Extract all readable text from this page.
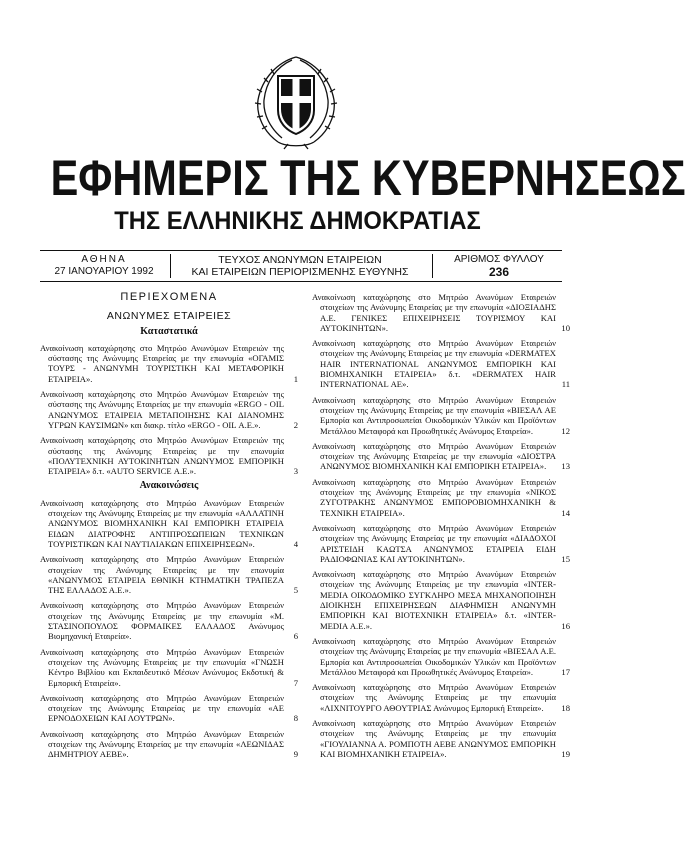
ΕΦΗΜΕΡΙΣ ΤΗΣ ΚΥΒΕΡΝΗΣΕΩΣ
ΤΗΣ ΕΛΛΗΝΙΚΗΣ ΔΗΜΟΚΡΑΤΙΑΣ
ΑΘΗΝΑ
27 ΙΑΝΟΥΑΡΙΟΥ 1992
ΤΕΥΧΟΣ ΑΝΩΝΥΜΩΝ ΕΤΑΙΡΕΙΩΝ
ΚΑΙ ΕΤΑΙΡΕΙΩΝ ΠΕΡΙΟΡΙΣΜΕΝΗΣ ΕΥΘΥΝΗΣ
ΑΡΙΘΜΟΣ ΦΥΛΛΟΥ
236
ΠΕΡΙΕΧΟΜΕΝΑ
ΑΝΩΝΥΜΕΣ ΕΤΑΙΡΕΙΕΣ
Καταστατικά
Ανακοίνωση καταχώρησης στο Μητρώο Ανωνύμων Εταιρειών της σύστασης της Ανώνυμης Εταιρείας με την επωνυμία «ΟΓΑΜΙΣ ΤΟΥΡΣ - ΑΝΩΝΥΜΗ ΤΟΥΡΙΣΤΙΚΗ ΚΑΙ ΜΕΤΑΦΟΡΙΚΗ ΕΤΑΙΡΕΙΑ».	1
Ανακοίνωση καταχώρησης στο Μητρώο Ανωνύμων Εταιρειών της σύστασης της Ανώνυμης Εταιρείας με την επωνυμία «ERGO - OIL ΑΝΩΝΥΜΟΣ ΕΤΑΙΡΕΙΑ ΜΕΤΑΠΟΙΗΣΗΣ ΚΑΙ ΔΙΑΝΟΜΗΣ ΥΓΡΩΝ ΚΑΥΣΙΜΩΝ» και διακρ. τίτλο «ERGO - OIL Α.Ε.».	2
Ανακοίνωση καταχώρησης στο Μητρώο Ανωνύμων Εταιρειών της σύστασης της Ανώνυμης Εταιρείας με την επωνυμία «ΠΟΛΥΤΕΧΝΙΚΗ ΑΥΤΟΚΙΝΗΤΩΝ ΑΝΩΝΥΜΟΣ ΕΜΠΟΡΙΚΗ ΕΤΑΙΡΕΙΑ» δ.τ. «AUTO SERVICE Α.Ε.».	3
Ανακοινώσεις
Ανακοίνωση καταχώρησης στο Μητρώο Ανωνύμων Εταιρειών στοιχείων της Ανώνυμης Εταιρείας με την επωνυμία «ΑΛΛΑΤΙΝΗ ΑΝΩΝΥΜΟΣ ΒΙΟΜΗΧΑΝΙΚΗ ΚΑΙ ΕΜΠΟΡΙΚΗ ΕΤΑΙΡΕΙΑ ΕΙΔΩΝ ΔΙΑΤΡΟΦΗΣ ΑΝΤΙΠΡΟΣΩΠΕΙΩΝ ΤΕΧΝΙΚΩΝ ΤΟΥΡΙΣΤΙΚΩΝ ΚΑΙ ΝΑΥΤΙΛΙΑΚΩΝ ΕΠΙΧΕΙΡΗΣΕΩΝ».	4
Ανακοίνωση καταχώρησης στο Μητρώο Ανωνύμων Εταιρειών στοιχείων της Ανώνυμης Εταιρείας με την επωνυμία «ΑΝΩΝΥΜΟΣ ΕΤΑΙΡΕΙΑ ΕΘΝΙΚΗ ΚΤΗΜΑΤΙΚΗ ΤΡΑΠΕΖΑ ΤΗΣ ΕΛΛΑΔΟΣ Α.Ε.».	5
Ανακοίνωση καταχώρησης στο Μητρώο Ανωνύμων Εταιρειών στοιχείων της Ανώνυμης Εταιρείας με την επωνυμία «Μ. ΣΤΑΣΙΝΟΠΟΥΛΟΣ ΦΟΡΜΑΙΚΕΣ ΕΛΛΑΔΟΣ Ανώνυμος Βιομηχανική Εταιρεία».	6
Ανακοίνωση καταχώρησης στο Μητρώο Ανωνύμων Εταιρειών στοιχείων της Ανώνυμης Εταιρείας με την επωνυμία «ΓΝΩΣΗ Κέντρο Βιβλίου και Εκπαιδευτικό Μέσων Ανώνυμος Εκδοτική & Εμπορική Εταιρεία».	7
Ανακοίνωση καταχώρησης στο Μητρώο Ανωνύμων Εταιρειών στοιχείων της Ανώνυμης Εταιρείας με την επωνυμία «ΑΕ ΕΡΝΟΔΟΧΕΙΩΝ ΚΑΙ ΛΟΥΤΡΩΝ».	8
Ανακοίνωση καταχώρησης στο Μητρώο Ανωνύμων Εταιρειών στοιχείων της Ανώνυμης Εταιρείας με την επωνυμία «ΛΕΩΝΙΔΑΣ ΔΗΜΗΤΡΙΟΥ ΑΕΒΕ».	9
Ανακοίνωση καταχώρησης στο Μητρώο Ανωνύμων Εταιρειών στοιχείων της Ανώνυμης Εταιρείας με την επωνυμία «ΔΙΟΞΙΑΔΗΣ Α.Ε. ΓΕΝΙΚΕΣ ΕΠΙΧΕΙΡΗΣΕΙΣ ΤΟΥΡΙΣΜΟΥ ΚΑΙ ΑΥΤΟΚΙΝΗΤΩΝ».	10
Ανακοίνωση καταχώρησης στο Μητρώο Ανωνύμων Εταιρειών στοιχείων της Ανώνυμης Εταιρείας με την επωνυμία «DERMATEX HAIR INTERNATIONAL ΑΝΩΝΥΜΟΣ ΕΜΠΟΡΙΚΗ ΚΑΙ ΒΙΟΜΗΧΑΝΙΚΗ ΕΤΑΙΡΕΙΑ» δ.τ. «DERMATEX HAIR INTERNATIONAL ΑΕ».	11
Ανακοίνωση καταχώρησης στο Μητρώο Ανωνύμων Εταιρειών στοιχείων της Ανώνυμης Εταιρείας με την επωνυμία «ΒΙΕΣΑΛ ΑΕ Εμπορία και Αντιπροσωπείαι Οικοδομικών Υλικών και Προϊόντων Μετάλλου Μεταφορά και Προωθητικές Ανώνυμος Εταιρεία».	12
Ανακοίνωση καταχώρησης στο Μητρώο Ανωνύμων Εταιρειών στοιχείων της Ανώνυμης Εταιρείας με την επωνυμία «ΔΙΟΣΤΡΑ ΑΝΩΝΥΜΟΣ ΒΙΟΜΗΧΑΝΙΚΗ ΚΑΙ ΕΜΠΟΡΙΚΗ ΕΤΑΙΡΕΙΑ». 13
Ανακοίνωση καταχώρησης στο Μητρώο Ανωνύμων Εταιρειών στοιχείων της Ανώνυμης Εταιρείας με την επωνυμία «ΝΙΚΟΣ ΖΥΓΟΤΡΑΚΗΣ ΑΝΩΝΥΜΟΣ ΕΜΠΟΡΟΒΙΟΜΗΧΑΝΙΚΗ & ΤΕΧΝΙΚΗ ΕΤΑΙΡΕΙΑ».	14
Ανακοίνωση καταχώρησης στο Μητρώο Ανωνύμων Εταιρειών στοιχείων της Ανώνυμης Εταιρείας με την επωνυμία «ΔΙΑΔΟΧΟΙ ΑΡΙΣΤΕΙΔΗ ΚΑΩΤΣΑ ΑΝΩΝΥΜΟΣ ΕΤΑΙΡΕΙΑ ΕΙΔΗ ΡΑΔΙΟΦΩΝΙΑΣ ΚΑΙ ΑΥΤΟΚΙΝΗΤΩΝ».	15
Ανακοίνωση καταχώρησης στο Μητρώο Ανωνύμων Εταιρειών στοιχείων της Ανώνυμης Εταιρείας με την επωνυμία «INTER-MEDIA ΟΙΚΟΔΟΜΙΚΟ ΣΥΓΚΛΗΡΟ ΜΕΣΑ ΜΗΧΑΝΟΠΟΙΗΣΗ ΔΙΟΙΚΗΣΗ ΕΠΙΧΕΙΡΗΣΕΩΝ ΔΙΑΦΗΜΙΣΗ ΑΝΩΝΥΜΗ ΕΜΠΟΡΙΚΗ ΚΑΙ ΒΙΟΤΕΧΝΙΚΗ ΕΤΑΙΡΕΙΑ» δ.τ. «INTER-MEDIA Α.Ε.».	16
Ανακοίνωση καταχώρησης στο Μητρώο Ανωνύμων Εταιρειών στοιχείων της Ανώνυμης Εταιρείας με την επωνυμία «ΒΙΕΣΑΛ Α.Ε. Εμπορία και Αντιπροσωπείαι Οικοδομικών Υλικών και Προϊόντων Μετάλλου Μεταφορά και Προωθητικές Ανώνυμος Εταιρεία».	17
Ανακοίνωση καταχώρησης στο Μητρώο Ανωνύμων Εταιρειών στοιχείων της Ανώνυμης Εταιρείας με την επωνυμία «ΛΙΧΝΙΤΟΥΡΓΟ ΑΘΟΥΤΡΙΑΣ Ανώνυμος Εμπορική Εταιρεία». 18
Ανακοίνωση καταχώρησης στο Μητρώο Ανωνύμων Εταιρειών στοιχείων της Ανώνυμης Εταιρείας με την επωνυμία «ΓΙΟΥΛΙΑΝΝΑ Α. ΡΟΜΠΟΤΗ ΑΕΒΕ ΑΝΩΝΥΜΟΣ ΕΜΠΟΡΙΚΗ ΚΑΙ ΒΙΟΜΗΧΑΝΙΚΗ ΕΤΑΙΡΕΙΑ».	19
